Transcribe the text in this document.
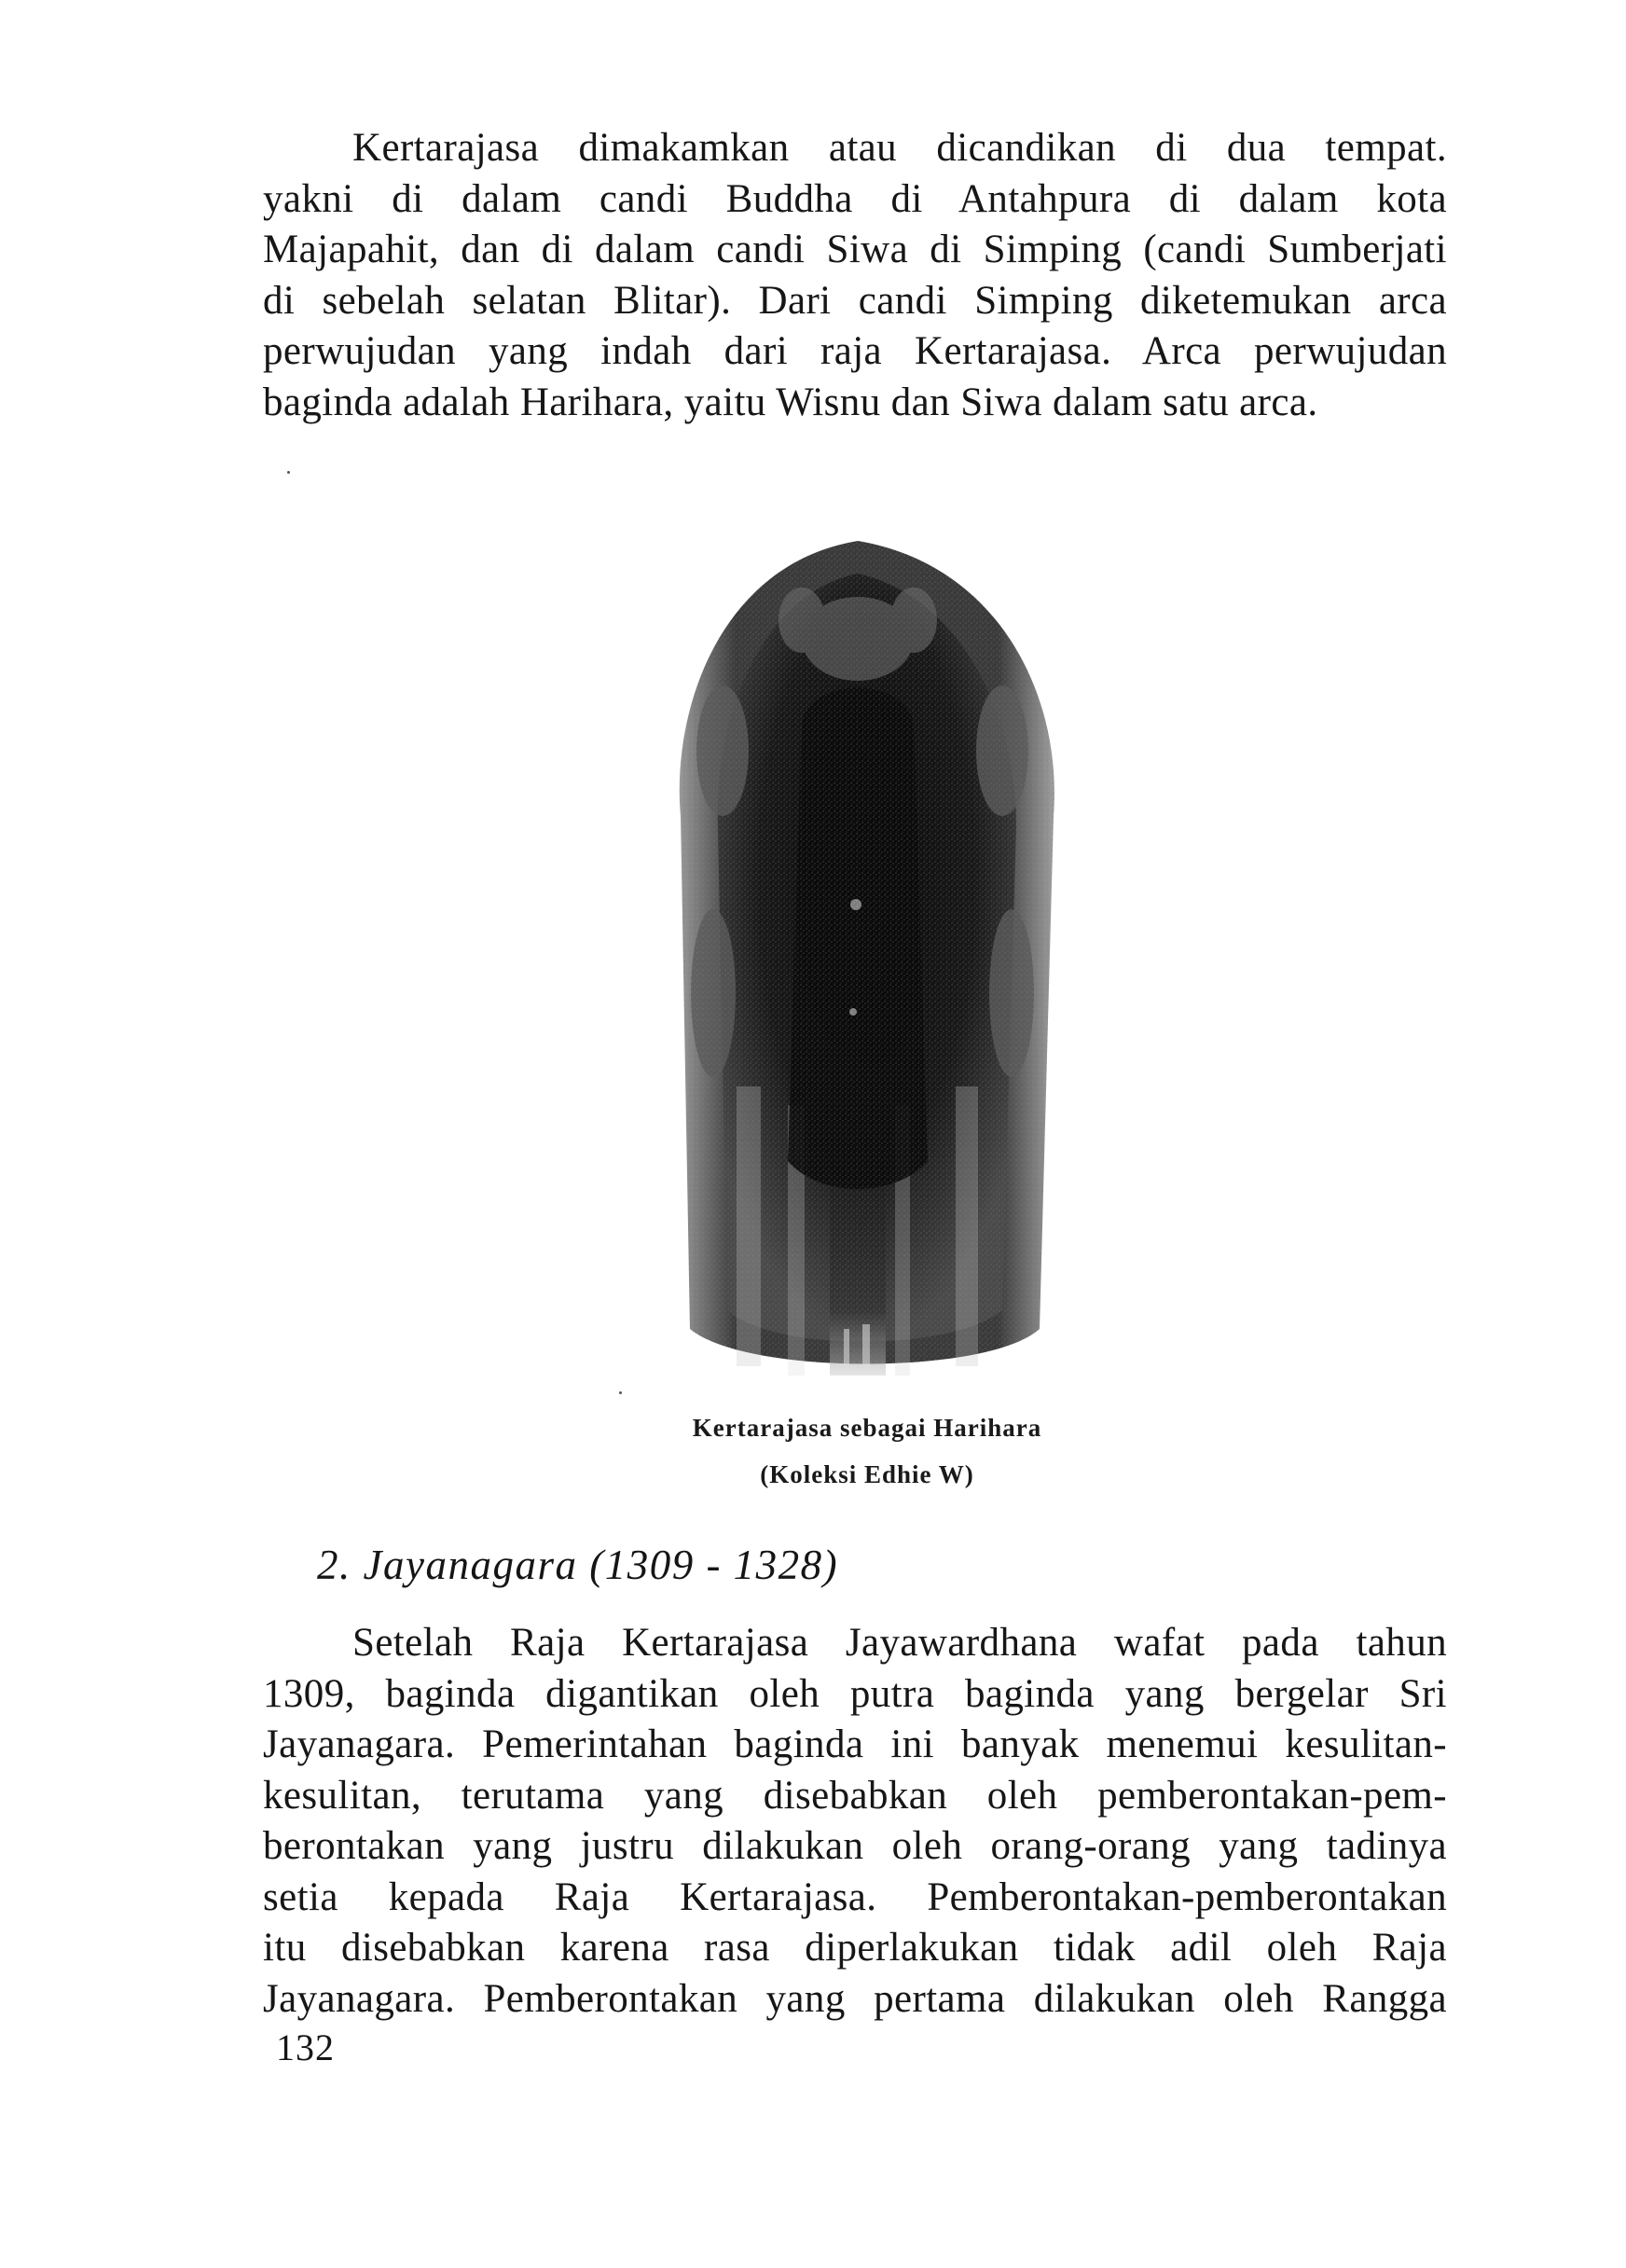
Kertarajasa dimakamkan atau dicandikan di dua tempat.
yakni di dalam candi Buddha di Antahpura di dalam kota
Majapahit, dan di dalam candi Siwa di Simping (candi Sumberjati
di sebelah selatan Blitar). Dari candi Simping diketemukan arca
perwujudan yang indah dari raja Kertarajasa. Arca perwujudan
baginda adalah Harihara, yaitu Wisnu dan Siwa dalam satu arca.

Kertarajasa sebagai Harihara
(Koleksi Edhie W)
2. Jayanagara (1309 - 1328)

Setelah Raja Kertarajasa Jayawardhana wafat pada tahun
1309, baginda digantikan oleh putra baginda yang bergelar Sri
Jayanagara. Pemerintahan baginda ini banyak menemui kesulitan-
kesulitan, terutama yang disebabkan oleh pemberontakan-pem-
berontakan yang justru dilakukan oleh orang-orang yang tadinya
setia kepada Raja Kertarajasa. Pemberontakan-pemberontakan
itu disebabkan karena rasa diperlakukan tidak adil oleh Raja
Jayanagara. Pemberontakan yang pertama dilakukan oleh Rangga

132
